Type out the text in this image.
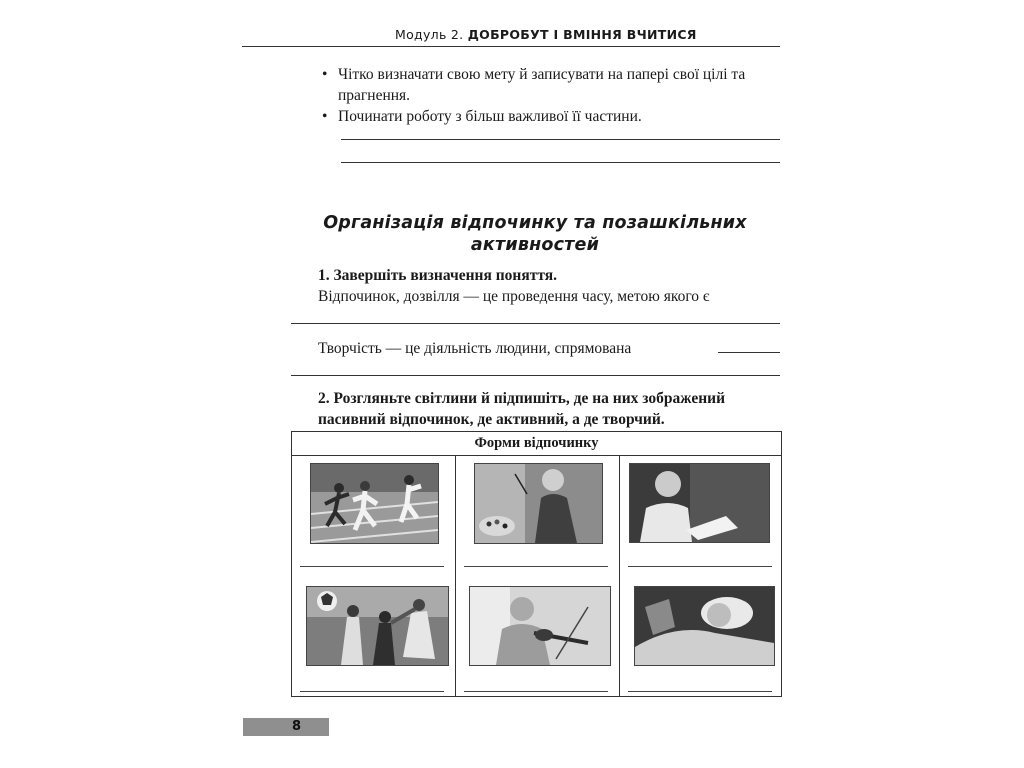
Модуль 2. ДОБРОБУТ І ВМІННЯ ВЧИТИСЯ
• Чітко визначати свою мету й записувати на папері свої цілі та прагнення.
• Починати роботу з більш важливої її частини.
Організація відпочинку та позашкільних
активностей
1. Завершіть визначення поняття.
Відпочинок, дозвілля — це проведення часу, метою якого є
Творчість — це діяльність людини, спрямована
2. Розгляньте світлини й підпишіть, де на них зображений пасивний відпочинок, де активний, а де творчий.
Форми відпочинку
8
